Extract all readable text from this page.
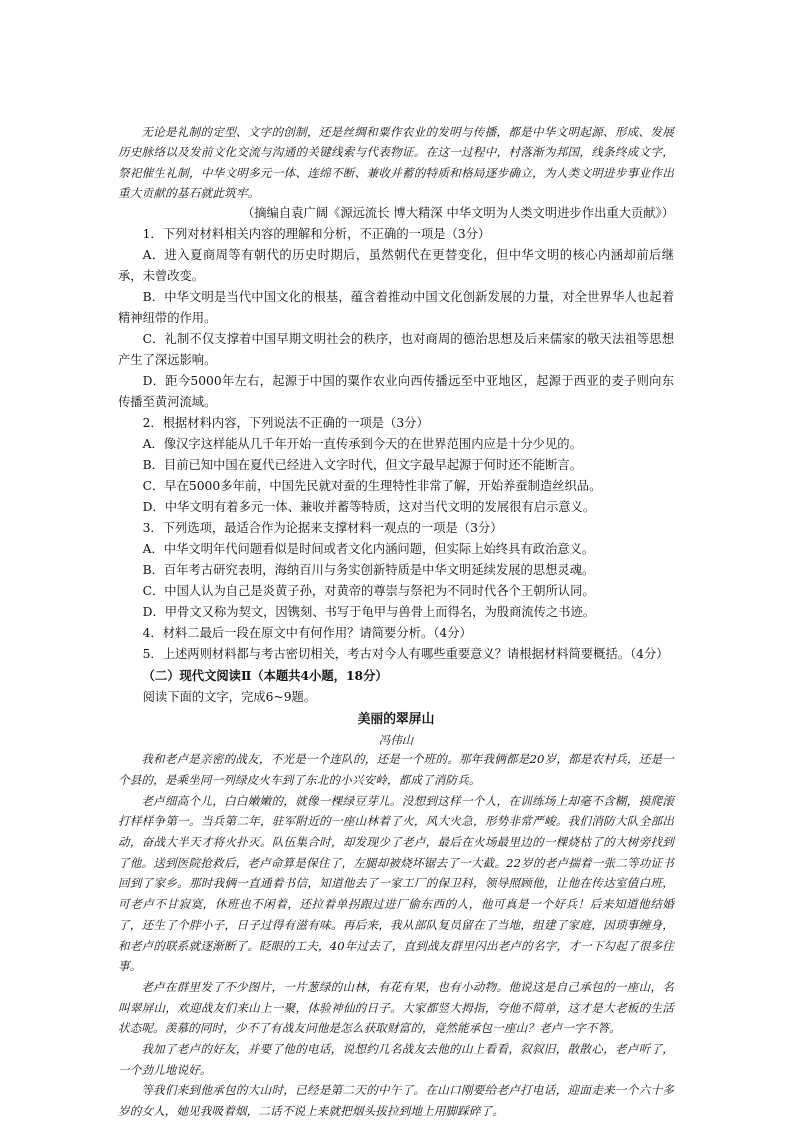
无论是礼制的定型、文字的创制，还是丝绸和粟作农业的发明与传播，都是中华文明起源、形成、发展历史脉络以及发前文化交流与沟通的关键线索与代表物证。在这一过程中，村落渐为邦国，线条终成文字，祭祀催生礼制，中华文明多元一体、连绵不断、兼收并蓄的特质和格局逐步确立，为人类文明进步事业作出重大贡献的基石就此筑牢。

（摘编自袁广阔《源远流长 博大精深 中华文明为人类文明进步作出重大贡献》）

1．下列对材料相关内容的理解和分析，不正确的一项是（3分）

A．进入夏商周等有朝代的历史时期后，虽然朝代在更替变化，但中华文明的核心内涵却前后继承，未曾改变。

B．中华文明是当代中国文化的根基，蕴含着推动中国文化创新发展的力量，对全世界华人也起着精神纽带的作用。

C．礼制不仅支撑着中国早期文明社会的秩序，也对商周的德治思想及后来儒家的敬天法祖等思想产生了深远影响。

D．距今5000年左右，起源于中国的粟作农业向西传播远至中亚地区，起源于西亚的麦子则向东传播至黄河流域。

2．根据材料内容，下列说法不正确的一项是（3分）

A．像汉字这样能从几千年开始一直传承到今天的在世界范围内应是十分少见的。

B．目前已知中国在夏代已经进入文字时代，但文字最早起源于何时还不能断言。

C．早在5000多年前，中国先民就对蚕的生理特性非常了解，开始养蚕制造丝织品。

D．中华文明有着多元一体、兼收并蓄等特质，这对当代文明的发展很有启示意义。

3．下列选项，最适合作为论据来支撑材料一观点的一项是（3分）

A．中华文明年代问题看似是时间或者文化内涵问题，但实际上始终具有政治意义。

B．百年考古研究表明，海纳百川与务实创新特质是中华文明延续发展的思想灵魂。

C．中国人认为自己是炎黄子孙，对黄帝的尊崇与祭祀为不同时代各个王朝所认同。

D．甲骨文又称为契文，因镌刻、书写于龟甲与兽骨上而得名，为殷商流传之书迹。

4．材料二最后一段在原文中有何作用？请简要分析。（4分）

5．上述两则材料都与考古密切相关，考古对今人有哪些重要意义？请根据材料简要概括。（4分）

（二）现代文阅读Ⅱ（本题共4小题，18分）

阅读下面的文字，完成6~9题。

美丽的翠屏山

冯伟山

我和老卢是亲密的战友，不光是一个连队的，还是一个班的。那年我俩都是20岁，都是农村兵，还是一个县的，是乘坐同一列绿皮火车到了东北的小兴安岭，都成了消防兵。

老卢细高个儿，白白嫩嫩的，就像一棵绿豆芽儿。没想到这样一个人，在训练场上却毫不含糊，摸爬滚打样样争第一。当兵第二年，驻军附近的一座山林着了火，风大火急，形势非常严峻。我们消防大队全部出动，奋战大半天才将火扑灭。队伍集合时，却发现少了老卢，最后在火场最里边的一棵烧枯了的大树旁找到了他。送到医院抢救后，老卢命算是保住了，左腿却被烧坏锯去了一大截。22岁的老卢揣着一张二等功证书回到了家乡。那时我俩一直通着书信，知道他去了一家工厂的保卫科，领导照顾他，让他在传达室值白班，可老卢不甘寂寞，休班也不闲着，还拉着单拐跟过进厂偷东西的人，他可真是一个好兵！后来知道他结婚了，还生了个胖小子，日子过得有滋有味。再后来，我从部队复员留在了当地，组建了家庭，因琐事缠身，和老卢的联系就逐渐断了。眨眼的工夫，40年过去了，直到战友群里闪出老卢的名字，才一下勾起了很多往事。

老卢在群里发了不少图片，一片葱绿的山林，有花有果，也有小动物。他说这是自己承包的一座山，名叫翠屏山，欢迎战友们来山上一聚，体验神仙的日子。大家都竖大拇指，夸他不简单，这才是大老板的生活状态呢。羡慕的同时，少不了有战友问他是怎么获取财富的，竟然能承包一座山？老卢一字不答。

我加了老卢的好友，并要了他的电话，说想约几名战友去他的山上看看，叙叙旧，散散心，老卢听了，一个劲儿地说好。

等我们来到他承包的大山时，已经是第二天的中午了。在山口刚要给老卢打电话，迎面走来一个六十多岁的女人，她见我吸着烟，二话不说上来就把烟头拔拉到地上用脚踩碎了。
